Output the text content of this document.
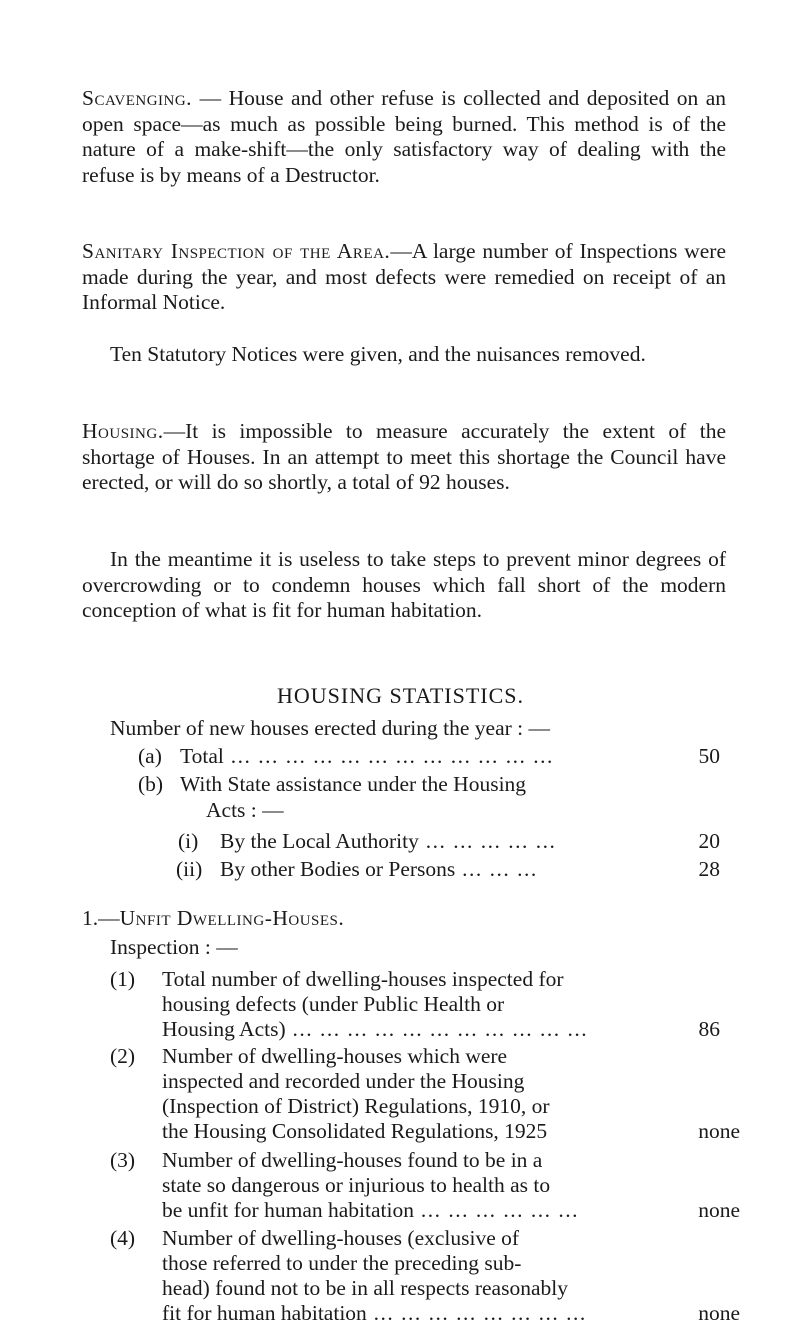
Scavenging. — House and other refuse is collected and deposited on an open space—as much as possible being burned. This method is of the nature of a make-shift—the only satisfactory way of dealing with the refuse is by means of a Destructor.

Sanitary Inspection of the Area.—A large number of Inspections were made during the year, and most defects were remedied on receipt of an Informal Notice.

Ten Statutory Notices were given, and the nuisances removed.

Housing.—It is impossible to measure accurately the extent of the shortage of Houses. In an attempt to meet this shortage the Council have erected, or will do so shortly, a total of 92 houses.

In the meantime it is useless to take steps to prevent minor degrees of overcrowding or to condemn houses which fall short of the modern conception of what is fit for human habitation.

HOUSING STATISTICS.

Number of new houses erected during the year : —
(a) Total ... ... ... ... ... ... ... ... ... ... ... ...	50
(b) With State assistance under the Housing
Acts : —
(i) By the Local Authority ... ... ... ... ...	20
(ii) By other Bodies or Persons ... ... ...	28
1.—Unfit Dwelling-Houses.
Inspection : —
(1) Total number of dwelling-houses inspected for
housing defects (under Public Health or
Housing Acts) ... ... ... ... ... ... ... ... ... ... ...	86
(2) Number of dwelling-houses which were
inspected and recorded under the Housing
(Inspection of District) Regulations, 1910, or
the Housing Consolidated Regulations, 1925	none
(3) Number of dwelling-houses found to be in a
state so dangerous or injurious to health as to
be unfit for human habitation ... ... ... ... ... ...	none
(4) Number of dwelling-houses (exclusive of
those referred to under the preceding sub-
head) found not to be in all respects reasonably
fit for human habitation ... ... ... ... ... ... ... ...	none
